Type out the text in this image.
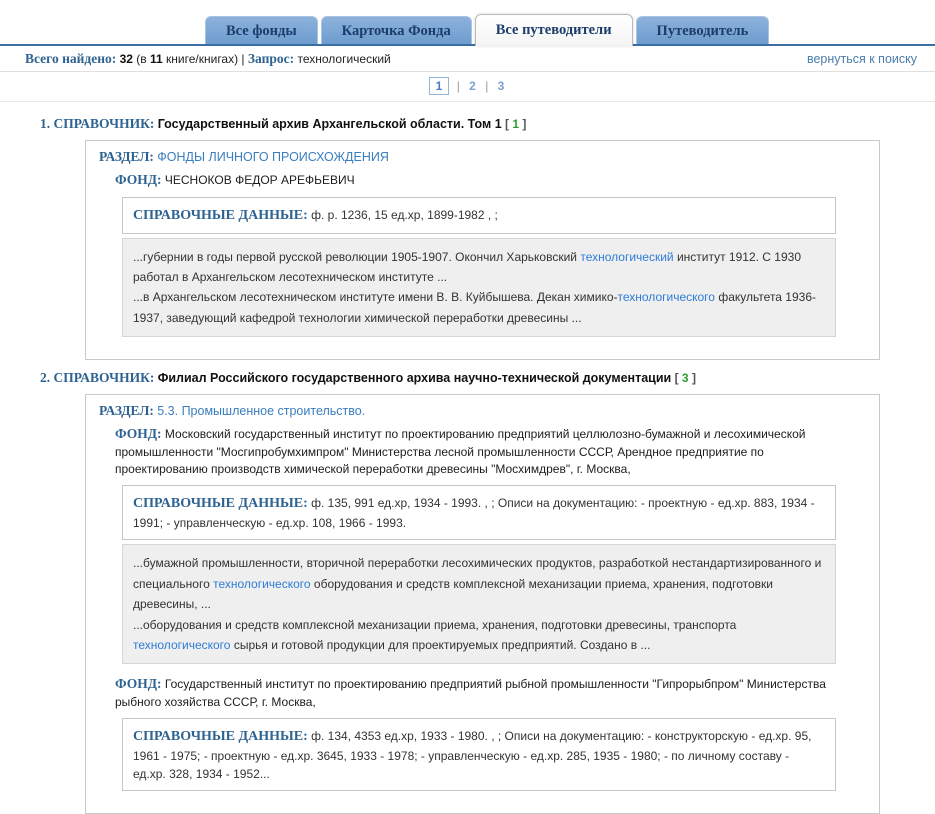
Все фонды	Карточка Фонда	Все путеводители	Путеводитель
Всего найдено: 32 (в 11 книге/книгах) | Запрос: технологический	вернуться к поиску
1 | 2 | 3
1. СПРАВОЧНИК: Государственный архив Архангельской области. Том 1 [ 1 ]
РАЗДЕЛ: ФОНДЫ ЛИЧНОГО ПРОИСХОЖДЕНИЯ
ФОНД: ЧЕСНОКОВ ФЕДОР АРЕФЬЕВИЧ
СПРАВОЧНЫЕ ДАННЫЕ: ф. р. 1236, 15 ед.хр, 1899-1982 , ;
...губернии в годы первой русской революции 1905-1907. Окончил Харьковский технологический институт 1912. С 1930 работал в Архангельском лесотехническом институте ...
...в Архангельском лесотехническом институте имени В. В. Куйбышева. Декан химико-технологического факультета 1936-1937, заведующий кафедрой технологии химической переработки древесины ...
2. СПРАВОЧНИК: Филиал Российского государственного архива научно-технической документации [ 3 ]
РАЗДЕЛ: 5.3. Промышленное строительство.
ФОНД: Московский государственный институт по проектированию предприятий целлюлозно-бумажной и лесохимической промышленности "Мосгипробумхимпром" Министерства лесной промышленности СССР, Арендное предприятие по проектированию производств химической переработки древесины "Мосхимдрев", г. Москва,
СПРАВОЧНЫЕ ДАННЫЕ: ф. 135, 991 ед.хр, 1934 - 1993. , ; Описи на документацию: - проектную - ед.хр. 883, 1934 - 1991; - управленческую - ед.хр. 108, 1966 - 1993.
...бумажной промышленности, вторичной переработки лесохимических продуктов, разработкой нестандартизированного и специального технологического оборудования и средств комплексной механизации приема, хранения, подготовки древесины, ...
...оборудования и средств комплексной механизации приема, хранения, подготовки древесины, транспорта технологического сырья и готовой продукции для проектируемых предприятий. Создано в ...
ФОНД: Государственный институт по проектированию предприятий рыбной промышленности "Гипрорыбпром" Министерства рыбного хозяйства СССР, г. Москва,
СПРАВОЧНЫЕ ДАННЫЕ: ф. 134, 4353 ед.хр, 1933 - 1980. , ; Описи на документацию: - конструкторскую - ед.хр. 95, 1961 - 1975; - проектную - ед.хр. 3645, 1933 - 1978; - управленческую - ед.хр. 285, 1935 - 1980; - по личному составу - ед.хр. 328, 1934 - 1952...
